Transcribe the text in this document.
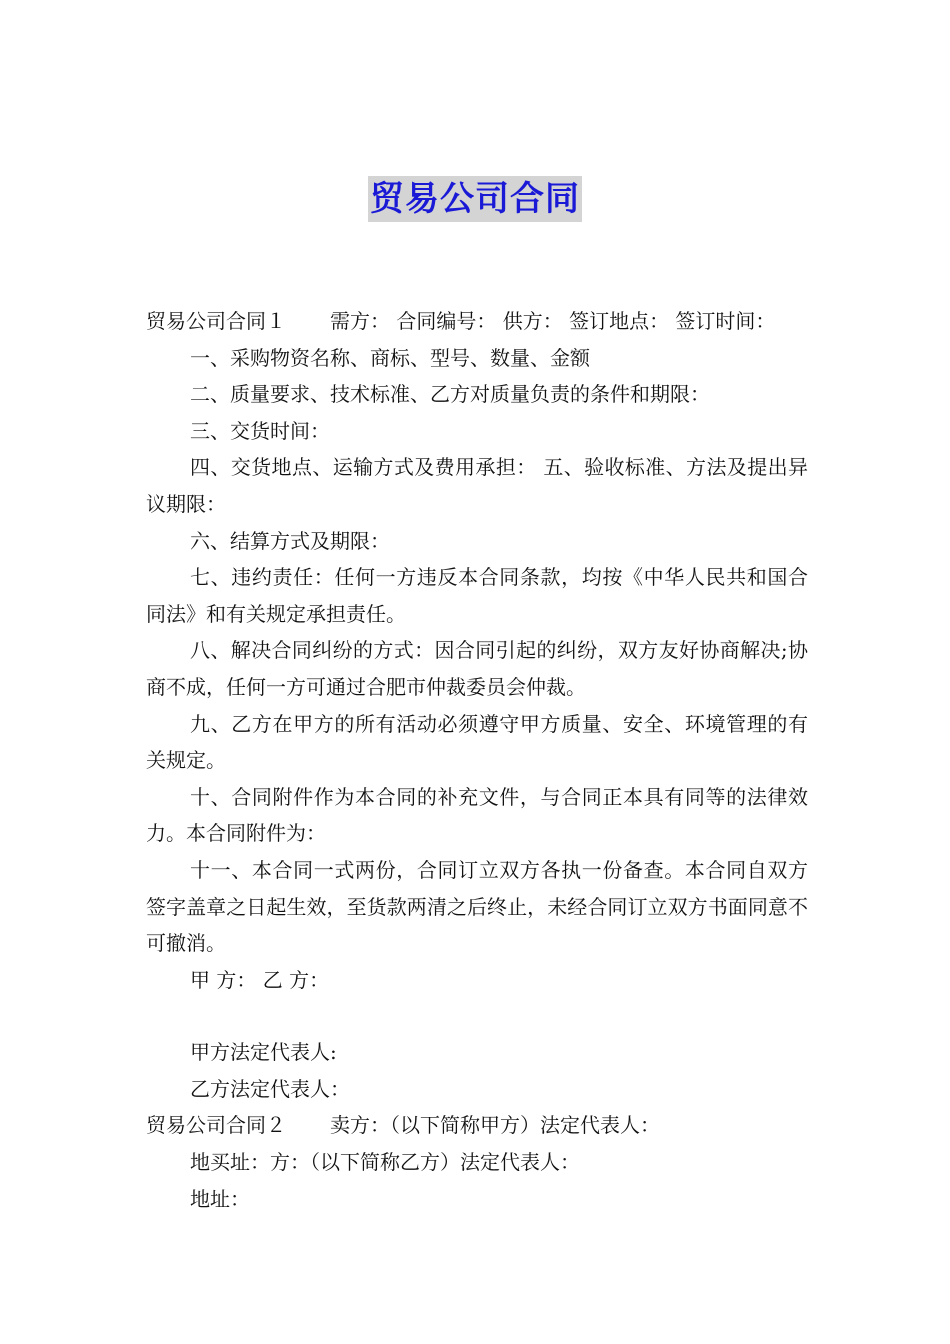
贸易公司合同

贸易公司合同１ 需方： 合同编号： 供方： 签订地点： 签订时间：

一、采购物资名称、商标、型号、数量、金额

二、质量要求、技术标准、乙方对质量负责的条件和期限：

三、交货时间：

四、交货地点、运输方式及费用承担： 五、验收标准、方法及提出异议期限：

六、结算方式及期限：

七、违约责任：任何一方违反本合同条款，均按《中华人民共和国合同法》和有关规定承担责任。

八、解决合同纠纷的方式：因合同引起的纠纷，双方友好协商解决;协商不成，任何一方可通过合肥市仲裁委员会仲裁。

九、乙方在甲方的所有活动必须遵守甲方质量、安全、环境管理的有关规定。

十、合同附件作为本合同的补充文件，与合同正本具有同等的法律效力。本合同附件为：

十一、本合同一式两份，合同订立双方各执一份备查。本合同自双方签字盖章之日起生效，至货款两清之后终止，未经合同订立双方书面同意不可撤消。

甲 方： 乙 方：

甲方法定代表人:

乙方法定代表人：

贸易公司合同２ 卖方：（以下简称甲方）法定代表人：

地买址：方：（以下简称乙方）法定代表人：

地址：
